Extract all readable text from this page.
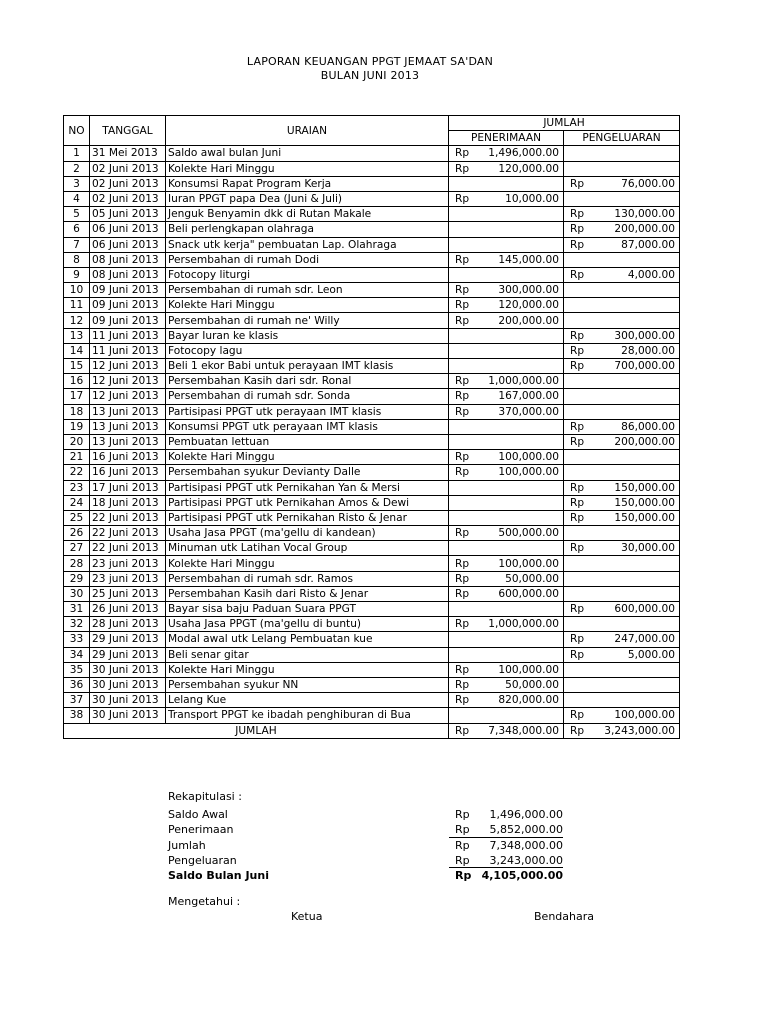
LAPORAN KEUANGAN PPGT JEMAAT SA'DAN
BULAN JUNI 2013
NO	TANGGAL	URAIAN	JUMLAH	
			PENERIMAAN	PENGELUARAN
1	31 Mei 2013	Saldo awal bulan Juni	Rp 1,496,000.00	

2	02 Juni 2013	Kolekte Hari Minggu	Rp 120,000.00	

3	02 Juni 2013	Konsumsi Rapat Program Kerja		Rp 76,000.00

4	02 Juni 2013	Iuran PPGT papa Dea (Juni & Juli)	Rp 10,000.00	

5	05 Juni 2013	Jenguk Benyamin dkk di Rutan Makale		Rp 130,000.00

6	06 Juni 2013	Beli perlengkapan olahraga		Rp 200,000.00

7	06 Juni 2013	Snack utk kerja" pembuatan Lap. Olahraga		Rp 87,000.00

8	08 Juni 2013	Persembahan di rumah Dodi	Rp 145,000.00	

9	08 Juni 2013	Fotocopy liturgi		Rp 4,000.00

10	09 Juni 2013	Persembahan di rumah sdr. Leon	Rp 300,000.00	

11	09 Juni 2013	Kolekte Hari Minggu	Rp 120,000.00	

12	09 Juni 2013	Persembahan di rumah ne' Willy	Rp 200,000.00	

13	11 Juni 2013	Bayar Iuran ke klasis		Rp 300,000.00

14	11 Juni 2013	Fotocopy lagu		Rp 28,000.00

15	12 Juni 2013	Beli 1 ekor Babi untuk perayaan IMT klasis		Rp 700,000.00

16	12 Juni 2013	Persembahan Kasih dari sdr. Ronal	Rp 1,000,000.00	

17	12 Juni 2013	Persembahan di rumah sdr. Sonda	Rp 167,000.00	

18	13 Juni 2013	Partisipasi PPGT utk perayaan IMT klasis	Rp 370,000.00	

19	13 Juni 2013	Konsumsi PPGT utk perayaan IMT klasis		Rp 86,000.00

20	13 Juni 2013	Pembuatan lettuan		Rp 200,000.00

21	16 Juni 2013	Kolekte Hari Minggu	Rp 100,000.00	

22	16 Juni 2013	Persembahan syukur Devianty Dalle	Rp 100,000.00	

23	17 Juni 2013	Partisipasi PPGT utk Pernikahan Yan & Mersi		Rp 150,000.00

24	18 Juni 2013	Partisipasi PPGT utk Pernikahan Amos & Dewi		Rp 150,000.00

25	22 Juni 2013	Partisipasi PPGT utk Pernikahan Risto & Jenar		Rp 150,000.00

26	22 Juni 2013	Usaha Jasa PPGT (ma'gellu di kandean)	Rp 500,000.00	

27	22 Juni 2013	Minuman utk Latihan Vocal Group		Rp 30,000.00

28	23 juni 2013	Kolekte Hari Minggu	Rp 100,000.00	

29	23 juni 2013	Persembahan di rumah sdr. Ramos	Rp 50,000.00	

30	25 Juni 2013	Persembahan Kasih dari Risto & Jenar	Rp 600,000.00	

31	26 Juni 2013	Bayar sisa baju Paduan Suara PPGT		Rp 600,000.00

32	28 Juni 2013	Usaha Jasa PPGT (ma'gellu di buntu)	Rp 1,000,000.00	

33	29 Juni 2013	Modal awal utk Lelang Pembuatan kue		Rp 247,000.00

34	29 Juni 2013	Beli senar gitar		Rp 5,000.00

35	30 Juni 2013	Kolekte Hari Minggu	Rp 100,000.00	

36	30 Juni 2013	Persembahan syukur NN	Rp 50,000.00	

37	30 Juni 2013	Lelang Kue	Rp 820,000.00	

38	30 Juni 2013	Transport PPGT ke ibadah penghiburan di Bua		Rp 100,000.00

JUMLAH			Rp 7,348,000.00	Rp 3,243,000.00
Rekapitulasi :
Saldo Awal	Rp 1,496,000.00
Penerimaan	Rp 5,852,000.00
Jumlah	Rp 7,348,000.00
Pengeluaran	Rp 3,243,000.00
Saldo Bulan Juni	Rp 4,105,000.00
Mengetahui :
Ketua	Bendahara
